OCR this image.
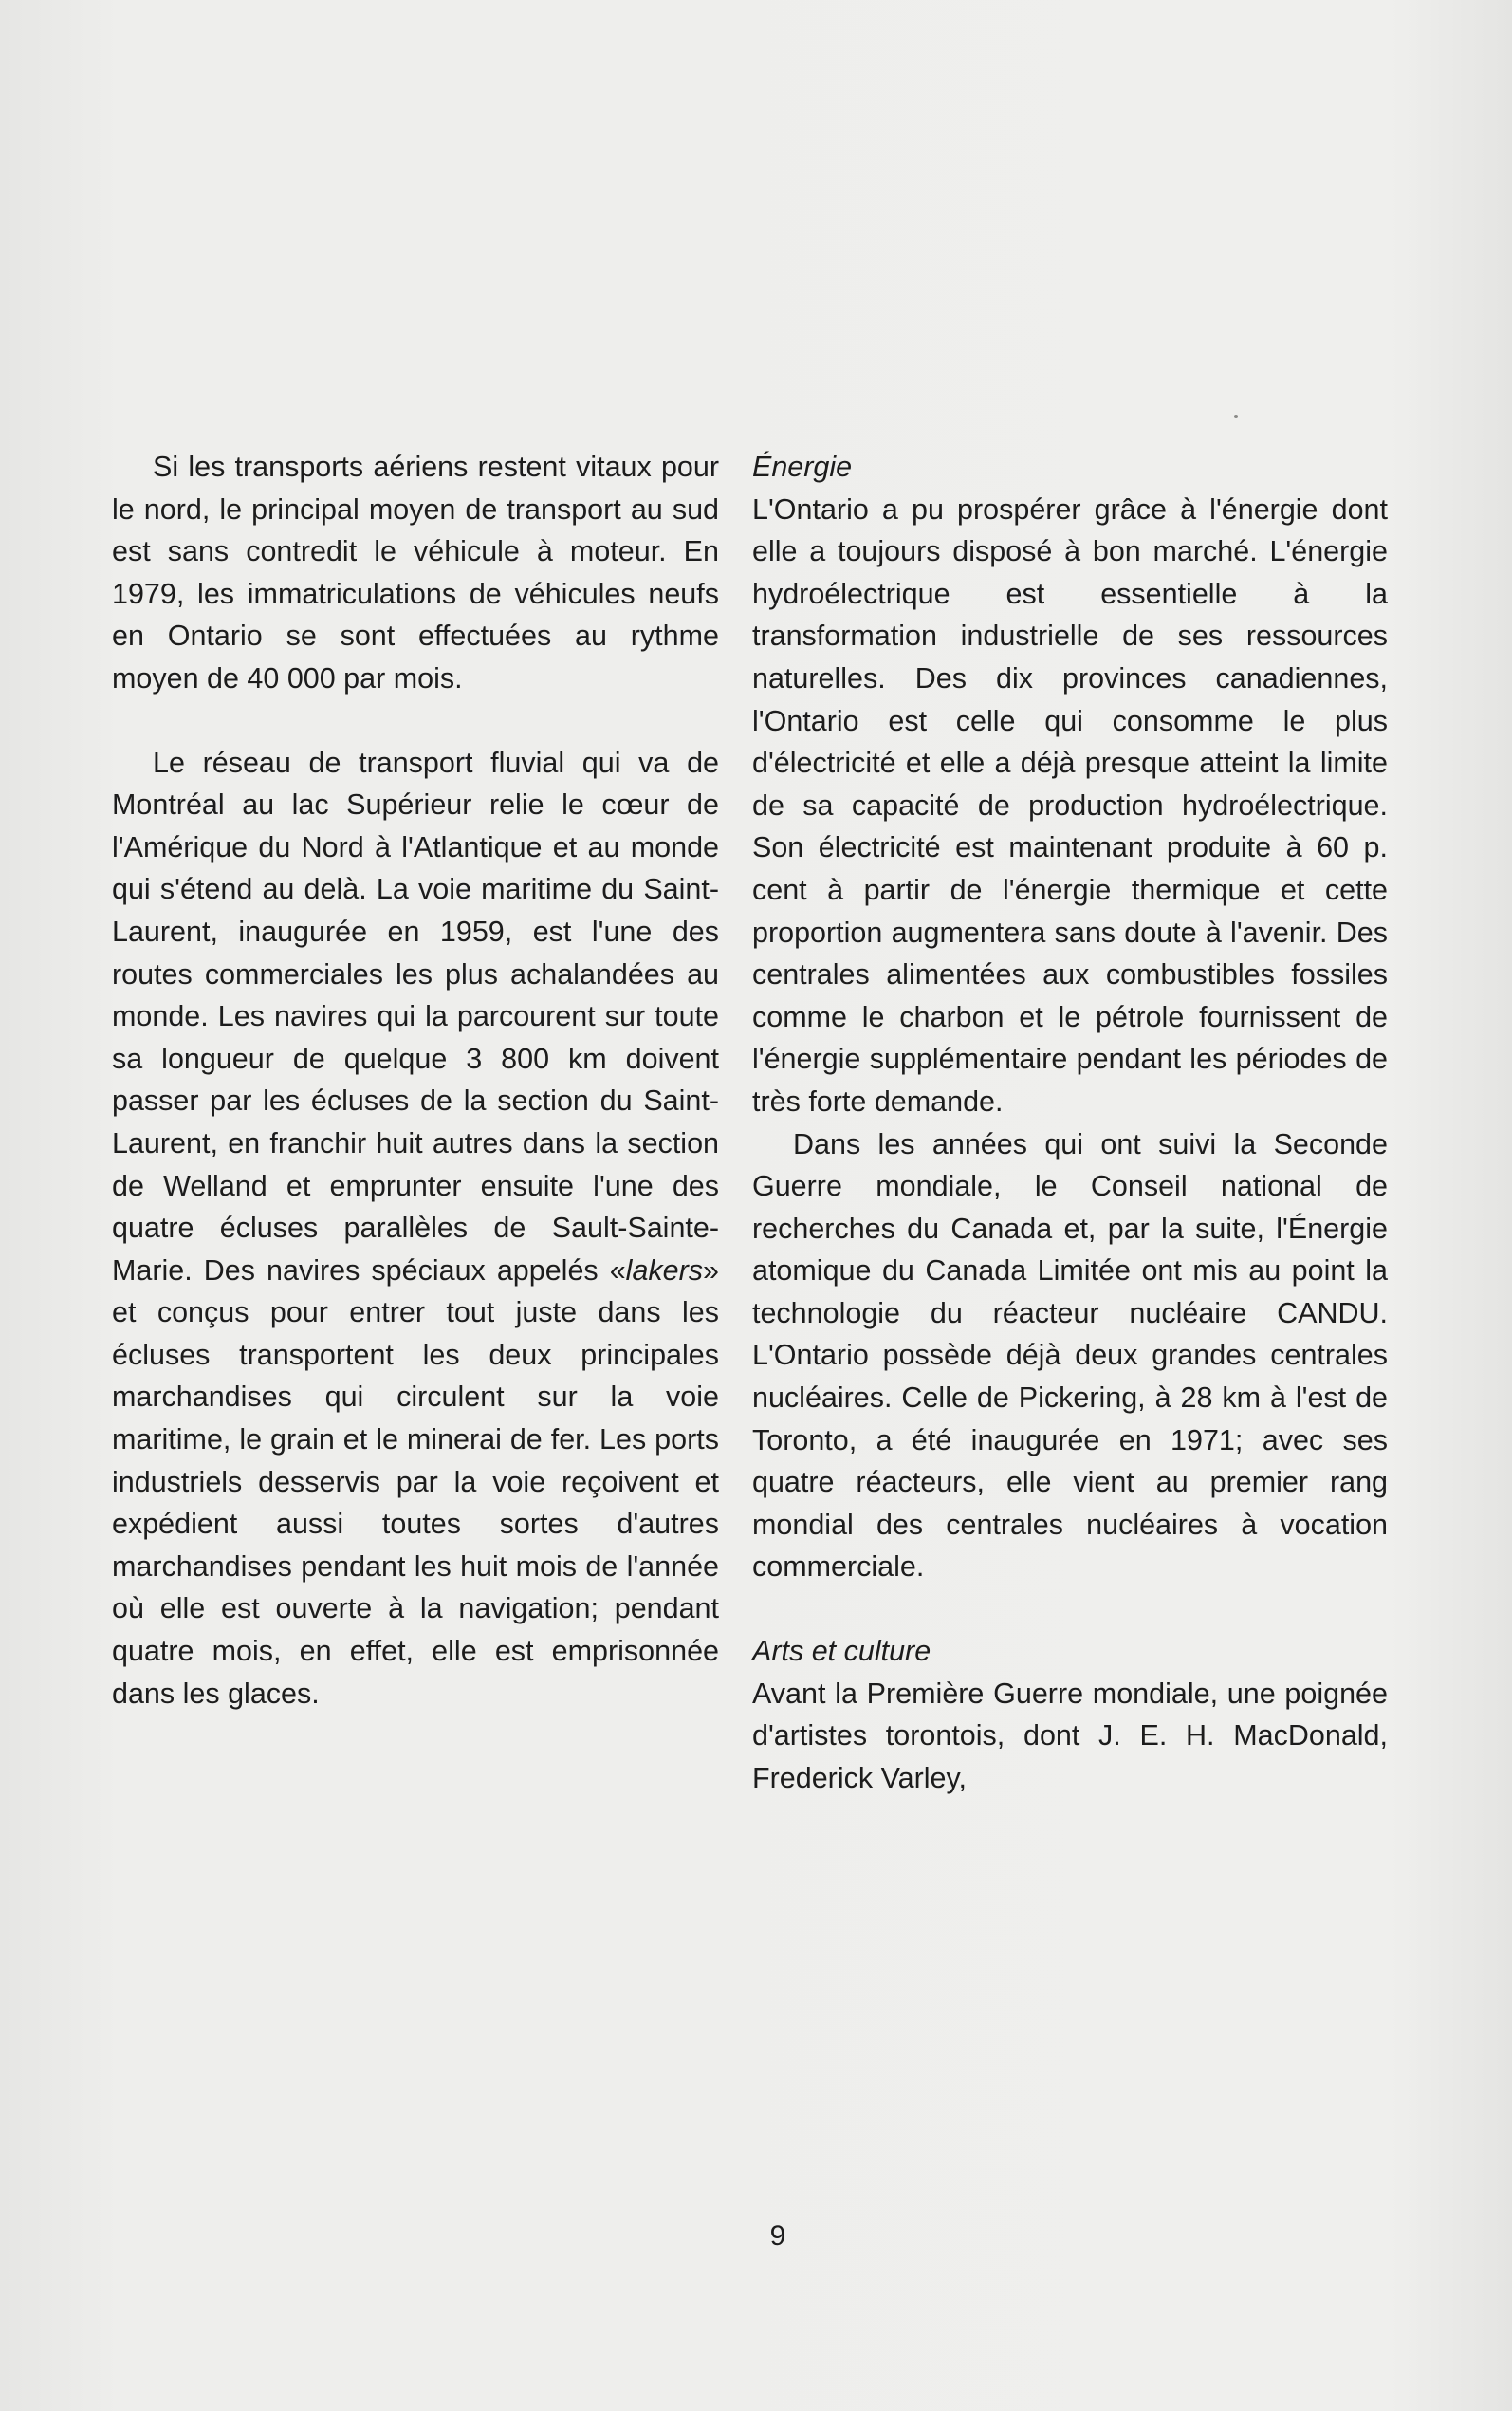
Si les transports aériens restent vitaux pour le nord, le principal moyen de transport au sud est sans contredit le véhicule à moteur. En 1979, les immatriculations de véhicules neufs en Ontario se sont effectuées au rythme moyen de 40 000 par mois.

Le réseau de transport fluvial qui va de Montréal au lac Supérieur relie le cœur de l'Amérique du Nord à l'Atlantique et au monde qui s'étend au delà. La voie maritime du Saint-Laurent, inaugurée en 1959, est l'une des routes commerciales les plus achalandées au monde. Les navires qui la parcourent sur toute sa longueur de quelque 3 800 km doivent passer par les écluses de la section du Saint-Laurent, en franchir huit autres dans la section de Welland et emprunter ensuite l'une des quatre écluses parallèles de Sault-Sainte-Marie. Des navires spéciaux appelés «lakers» et conçus pour entrer tout juste dans les écluses transportent les deux principales marchandises qui circulent sur la voie maritime, le grain et le minerai de fer. Les ports industriels desservis par la voie reçoivent et expédient aussi toutes sortes d'autres marchandises pendant les huit mois de l'année où elle est ouverte à la navigation; pendant quatre mois, en effet, elle est emprisonnée dans les glaces.

Énergie

L'Ontario a pu prospérer grâce à l'énergie dont elle a toujours disposé à bon marché. L'énergie hydroélectrique est essentielle à la transformation industrielle de ses ressources naturelles. Des dix provinces canadiennes, l'Ontario est celle qui consomme le plus d'électricité et elle a déjà presque atteint la limite de sa capacité de production hydroélectrique. Son électricité est maintenant produite à 60 p. cent à partir de l'énergie thermique et cette proportion augmentera sans doute à l'avenir. Des centrales alimentées aux combustibles fossiles comme le charbon et le pétrole fournissent de l'énergie supplémentaire pendant les périodes de très forte demande.

Dans les années qui ont suivi la Seconde Guerre mondiale, le Conseil national de recherches du Canada et, par la suite, l'Énergie atomique du Canada Limitée ont mis au point la technologie du réacteur nucléaire CANDU. L'Ontario possède déjà deux grandes centrales nucléaires. Celle de Pickering, à 28 km à l'est de Toronto, a été inaugurée en 1971; avec ses quatre réacteurs, elle vient au premier rang mondial des centrales nucléaires à vocation commerciale.

Arts et culture

Avant la Première Guerre mondiale, une poignée d'artistes torontois, dont J. E. H. MacDonald, Frederick Varley,

9
